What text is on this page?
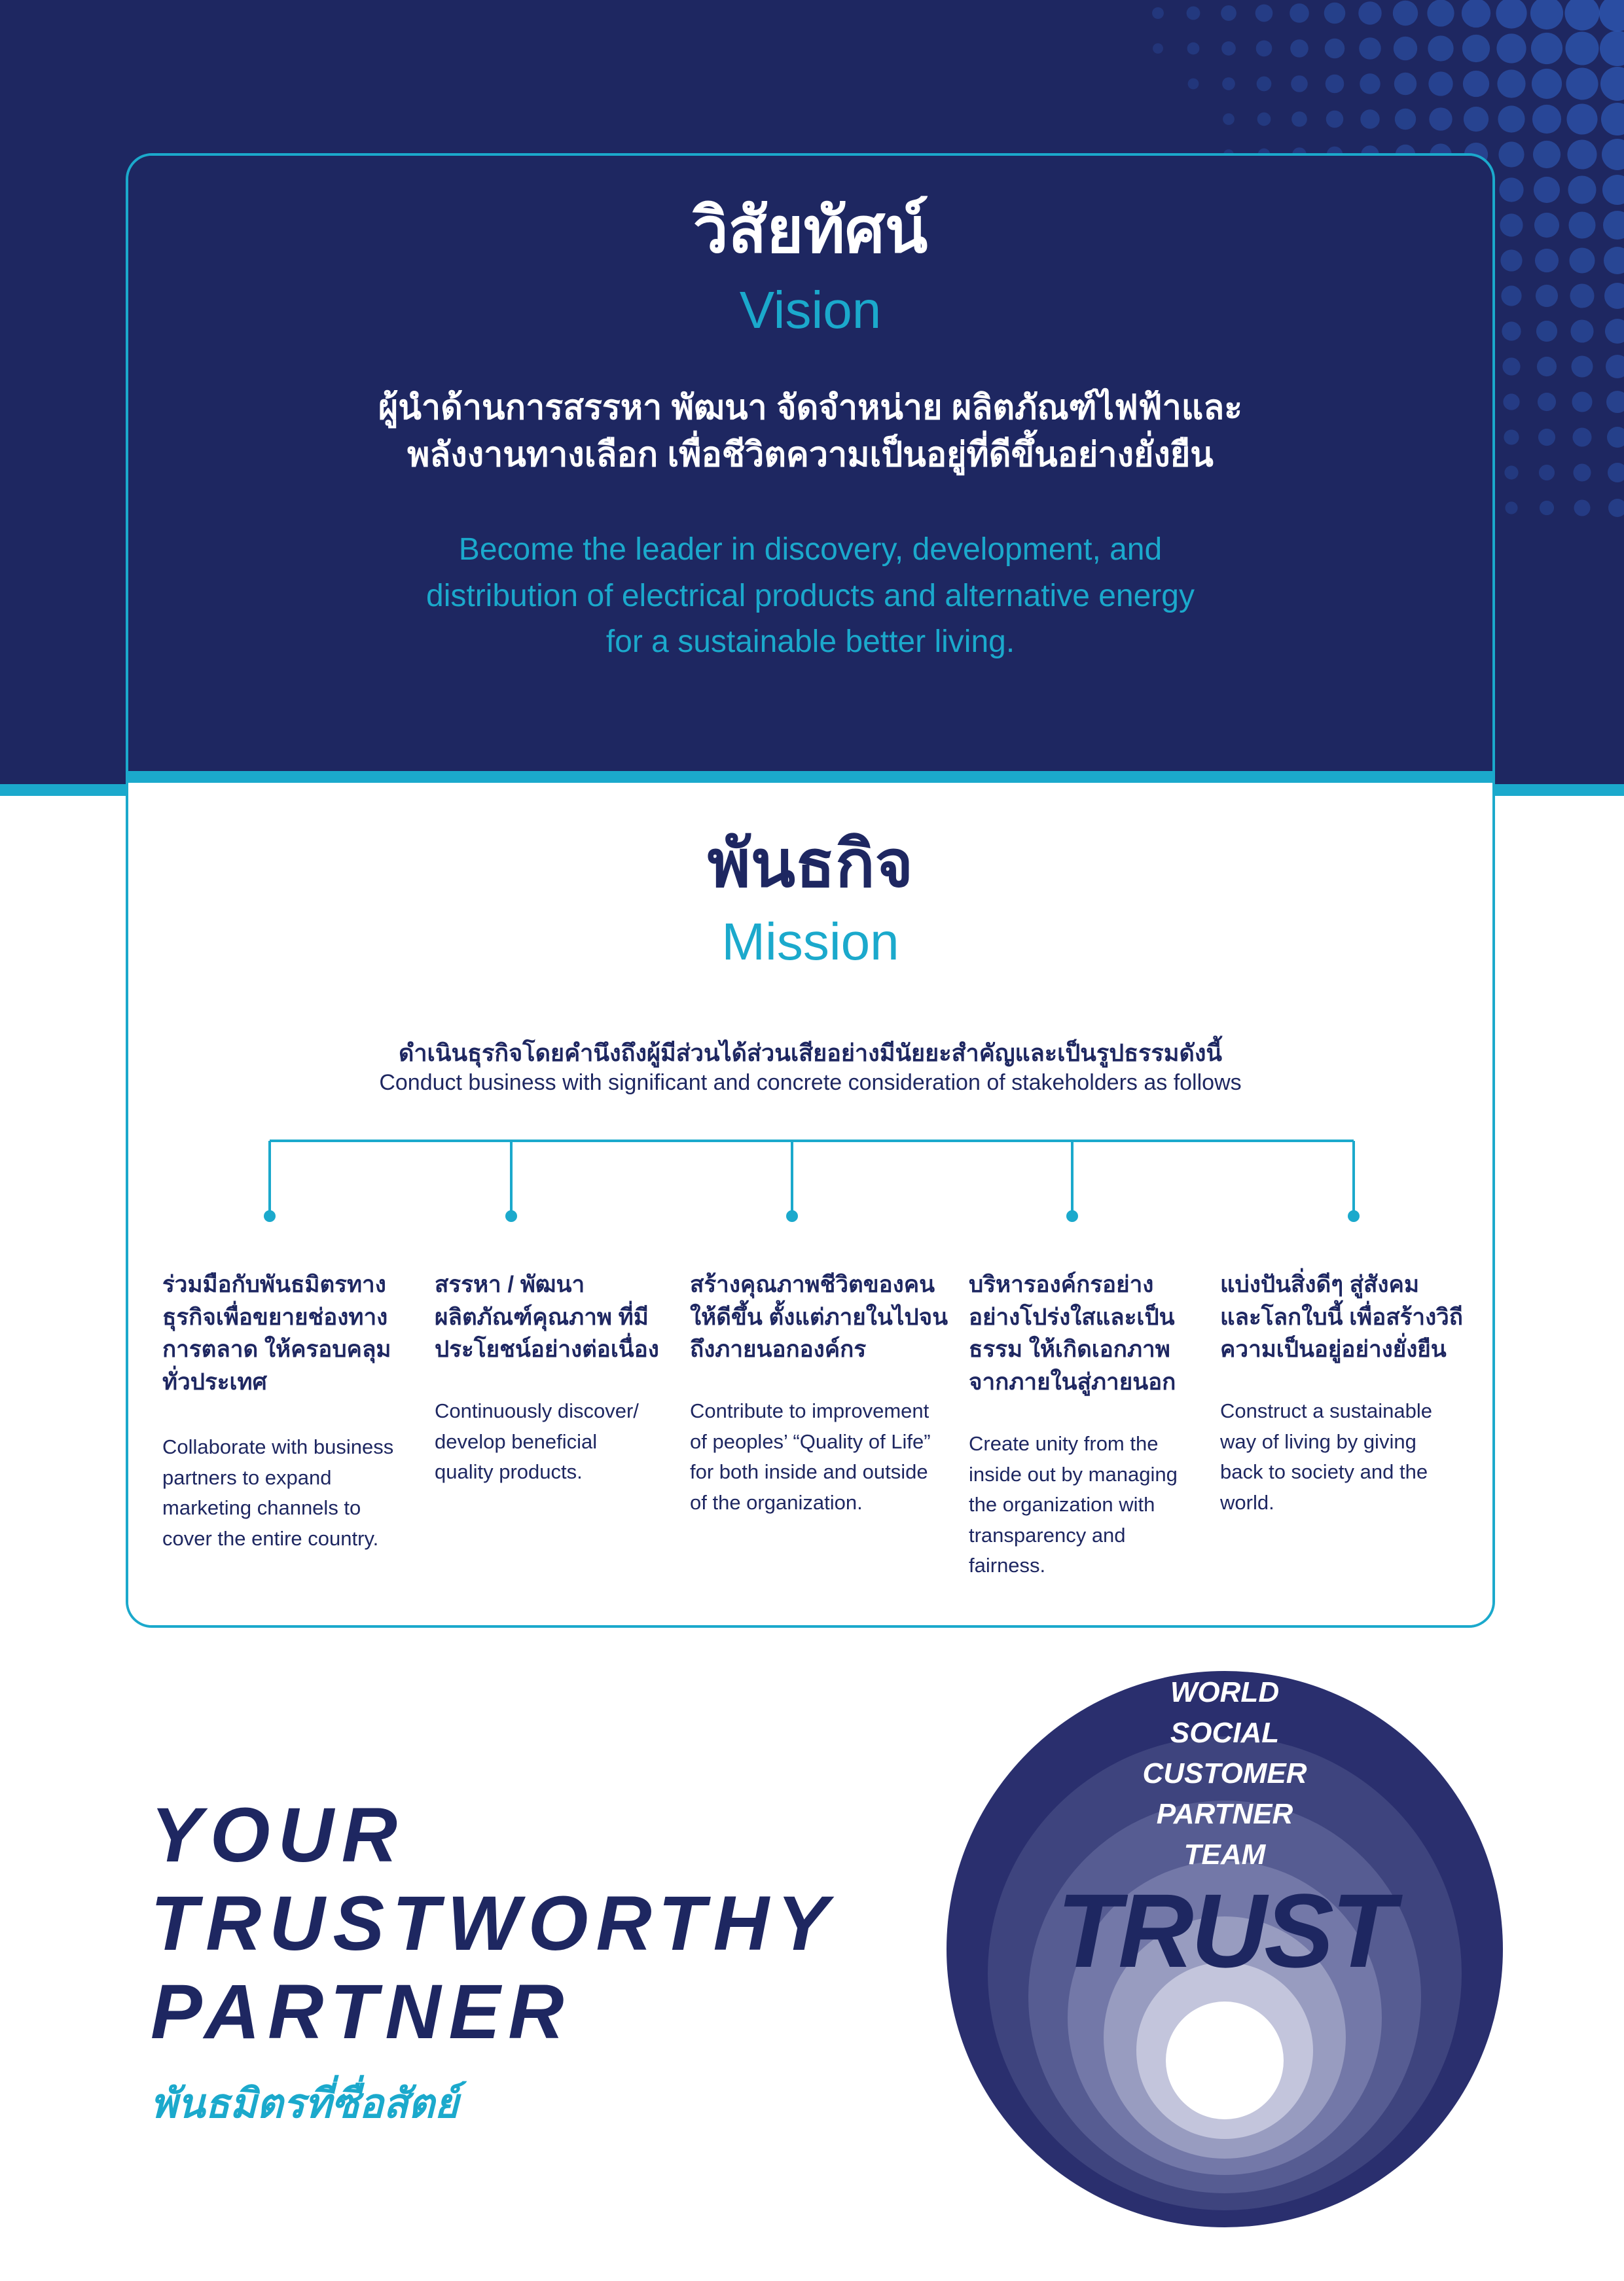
วิสัยทัศน์
Vision
ผู้นำด้านการสรรหา พัฒนา จัดจำหน่าย ผลิตภัณฑ์ไฟฟ้าและ
พลังงานทางเลือก เพื่อชีวิตความเป็นอยู่ที่ดีขึ้นอย่างยั่งยืน
Become the leader in discovery, development, and
distribution of electrical products and alternative energy
for a sustainable better living.
พันธกิจ
Mission
ดำเนินธุรกิจโดยคำนึงถึงผู้มีส่วนได้ส่วนเสียอย่างมีนัยยะสำคัญและเป็นรูปธรรมดังนี้
Conduct business with significant and concrete consideration of stakeholders as follows
ร่วมมือกับพันธมิตรทาง
ธุรกิจเพื่อขยายช่องทาง
การตลาด ให้ครอบคลุม
ทั่วประเทศ
Collaborate with business
partners to expand
marketing channels to
cover the entire country.
สรรหา / พัฒนา
ผลิตภัณฑ์คุณภาพ ที่มี
ประโยชน์อย่างต่อเนื่อง
Continuously discover/
develop beneficial
quality products.
สร้างคุณภาพชีวิตของคน
ให้ดีขึ้น ตั้งแต่ภายในไปจน
ถึงภายนอกองค์กร
Contribute to improvement
of peoples’ “Quality of Life”
for both inside and outside
of the organization.
บริหารองค์กรอย่าง
อย่างโปร่งใสและเป็น
ธรรม ให้เกิดเอกภาพ
จากภายในสู่ภายนอก
Create unity from the
inside out by managing
the organization with
transparency and
fairness.
แบ่งปันสิ่งดีๆ สู่สังคม
และโลกใบนี้ เพื่อสร้างวิถี
ความเป็นอยู่อย่างยั่งยืน
Construct a sustainable
way of living by giving
back to society and the
world.
YOUR
TRUSTWORTHY
PARTNER
พันธมิตรที่ซื่อสัตย์
WORLD
SOCIAL
CUSTOMER
PARTNER
TEAM
TRUST
